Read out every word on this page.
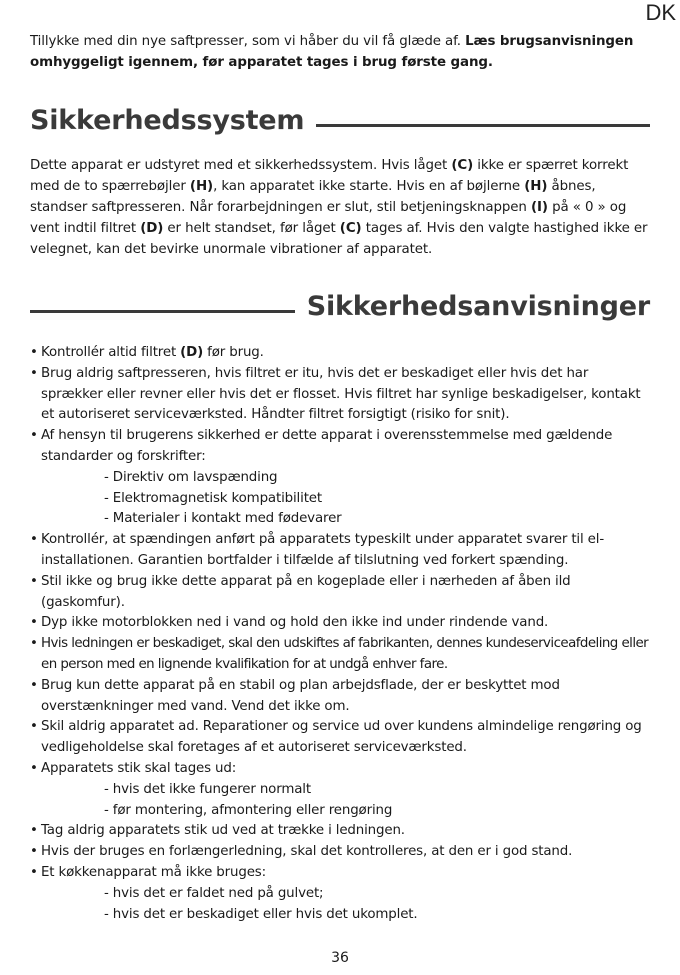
DK
Tillykke med din nye saftpresser, som vi håber du vil få glæde af. Læs brugsanvisningen omhyggeligt igennem, før apparatet tages i brug første gang.
Sikkerhedssystem
Dette apparat er udstyret med et sikkerhedssystem. Hvis låget (C) ikke er spærret korrekt med de to spærrebøjler (H), kan apparatet ikke starte. Hvis en af bøjlerne (H) åbnes, standser saftpresseren. Når forarbejdningen er slut, stil betjeningsknappen (I) på « 0 » og vent indtil filtret (D) er helt standset, før låget (C) tages af. Hvis den valgte hastighed ikke er velegnet, kan det bevirke unormale vibrationer af apparatet.
Sikkerhedsanvisninger
• Kontrollér altid filtret (D) før brug.
• Brug aldrig saftpresseren, hvis filtret er itu, hvis det er beskadiget eller hvis det har sprækker eller revner eller hvis det er flosset. Hvis filtret har synlige beskadigelser, kontakt et autoriseret serviceværksted. Håndter filtret forsigtigt (risiko for snit).
• Af hensyn til brugerens sikkerhed er dette apparat i overensstemmelse med gældende standarder og forskrifter:
- Direktiv om lavspænding
- Elektromagnetisk kompatibilitet
- Materialer i kontakt med fødevarer
• Kontrollér, at spændingen anført på apparatets typeskilt under apparatet svarer til el-installationen. Garantien bortfalder i tilfælde af tilslutning ved forkert spænding.
• Stil ikke og brug ikke dette apparat på en kogeplade eller i nærheden af åben ild (gaskomfur).
• Dyp ikke motorblokken ned i vand og hold den ikke ind under rindende vand.
• Hvis ledningen er beskadiget, skal den udskiftes af fabrikanten, dennes kundeserviceafdeling eller en person med en lignende kvalifikation for at undgå enhver fare.
• Brug kun dette apparat på en stabil og plan arbejdsflade, der er beskyttet mod overstænkninger med vand. Vend det ikke om.
• Skil aldrig apparatet ad. Reparationer og service ud over kundens almindelige rengøring og vedligeholdelse skal foretages af et autoriseret serviceværksted.
• Apparatets stik skal tages ud:
- hvis det ikke fungerer normalt
- før montering, afmontering eller rengøring
• Tag aldrig apparatets stik ud ved at trække i ledningen.
• Hvis der bruges en forlængerledning, skal det kontrolleres, at den er i god stand.
• Et køkkenapparat må ikke bruges:
- hvis det er faldet ned på gulvet;
- hvis det er beskadiget eller hvis det ukomplet.
36
